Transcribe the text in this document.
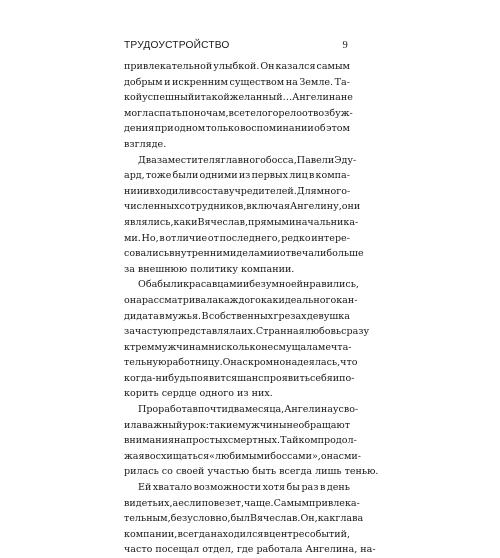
ТРУДОУСТРОЙСТВО	9
привлекательной улыбкой. Он казался самым
добрым и искренним существом на Земле. Та-
кой успешный и такой желанный… Ангелина не
могла спать по ночам, все тело горело от возбуж-
дения при одном только воспоминании об этом
взгляде.
Два заместителя главного босса, Павел и Эду-
ард, тоже были одними из первых лиц в компа-
нии и входили в состав учредителей. Для много-
численных сотрудников, включая Ангелину, они
являлись, как и Вячеслав, прямыми начальника-
ми. Но, в отличие от последнего, редко интере-
совались внутренними делами и отвечали больше
за внешнюю политику компании.
Оба были красавцами и безумно ей нравились,
она рассматривала каждого как идеального кан-
дидата в мужья. В собственных грезах девушка
зачастую представляла их. Странная любовь сразу
к трем мужчинам нисколько не смущала мечта-
тельную работницу. Она скромно надеялась, что
когда-нибудь появится шанс проявить себя и по-
корить сердце одного из них.
Проработав почти два месяца, Ангелина усво-
ила важный урок: такие мужчины не обращают
внимания на простых смертных. Тайком продол-
жая восхищаться «любимыми боссами», она сми-
рилась со своей участью быть всегда лишь тенью.
Ей хватало возможности хотя бы раз в день
видеть их, а если повезет, чаще. Самым привлека-
тельным, безусловно, был Вячеслав. Он, как глава
компании, всегда находился в центре событий,
часто посещал отдел, где работала Ангелина, на-
